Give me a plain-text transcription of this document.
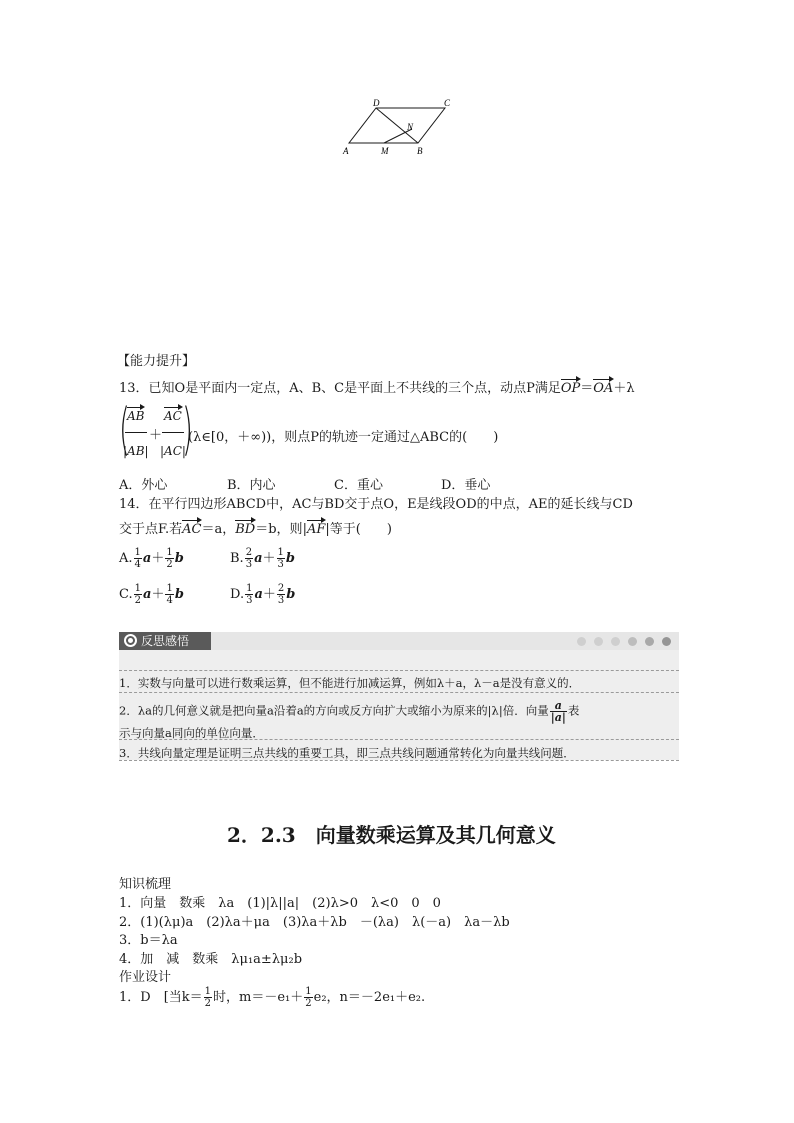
D	C
A	M	B
N
【能力提升】
13．已知O是平面内一定点，A、B、C是平面上不共线的三个点，动点P满足OP＝OA＋λ
(
AB
|AB|
＋
AC
|AC|
)
(λ∈[0，＋∞))，则点P的轨迹一定通过△ABC的(　　)
A．外心	B．内心	C．重心	D．垂心
14．在平行四边形ABCD中，AC与BD交于点O，E是线段OD的中点，AE的延长线与CD
交于点F.若AC＝a，BD＝b，则|AF|等于(　　)
A. $\frac{1}{4} a+ \frac{1}{2}$ b	B. $\frac{2}{3} a+ \frac{1}{3}$ b
C. $\frac{1}{2} a+ \frac{1}{4}$ b	D. $\frac{1}{3} a+ \frac{2}{3}$ b
反思感悟
1．实数与向量可以进行数乘运算，但不能进行加减运算，例如λ＋a，λ－a是没有意义的．
2．λa的几何意义就是把向量a沿着a的方向或反方向扩大或缩小为原来的|λ|倍．向量 $\frac{a}{|a|}$ 表
示与向量a同向的单位向量．
3．共线向量定理是证明三点共线的重要工具，即三点共线问题通常转化为向量共线问题．
2．2.3　向量数乘运算及其几何意义
知识梳理
1．向量　数乘　λa　(1)|λ||a|　(2)λ>0　λ<0　0　0
2．(1)(λμ)a　(2)λa＋μa　(3)λa＋λb　－(λa)　λ(－a)　λa－λb
3．b＝λa
4．加　减　数乘　λμ₁a±λμ₂b
作业设计
1．D　[当$k= \frac{1}{2}$ 时，$m=-e_1+ \frac{1}{2} e_2$，n＝－2e₁＋e₂.
